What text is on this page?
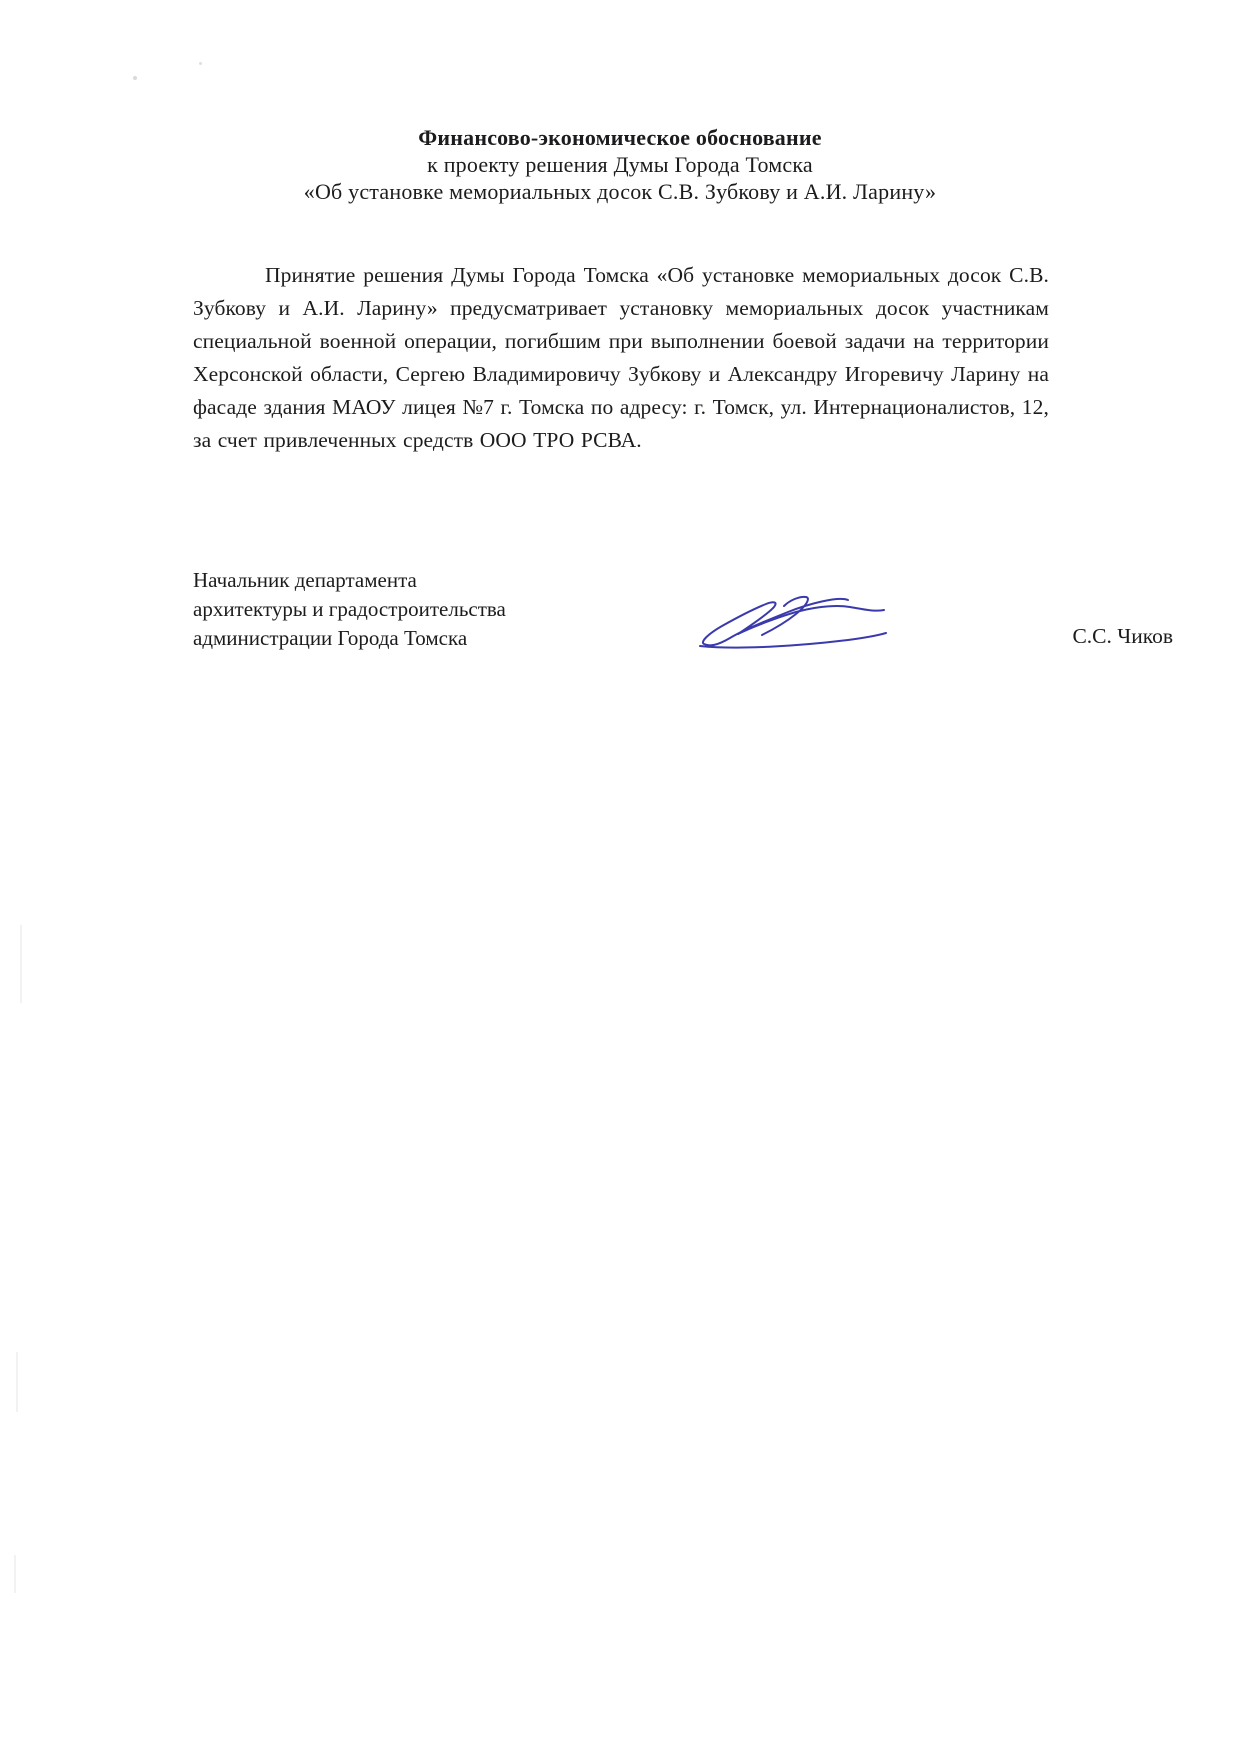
Финансово-экономическое обоснование
к проекту решения Думы Города Томска
«Об установке мемориальных досок С.В. Зубкову и А.И. Ларину»
Принятие решения Думы Города Томска «Об установке мемориальных досок С.В. Зубкову и А.И. Ларину» предусматривает установку мемориальных досок участникам специальной военной операции, погибшим при выполнении боевой задачи на территории Херсонской области, Сергею Владимировичу Зубкову и Александру Игоревичу Ларину на фасаде здания МАОУ лицея №7 г. Томска по адресу: г. Томск, ул. Интернационалистов, 12, за счет привлеченных средств ООО ТРО РСВА.
Начальник департамента
архитектуры и градостроительства
администрации Города Томска	С.С. Чиков
